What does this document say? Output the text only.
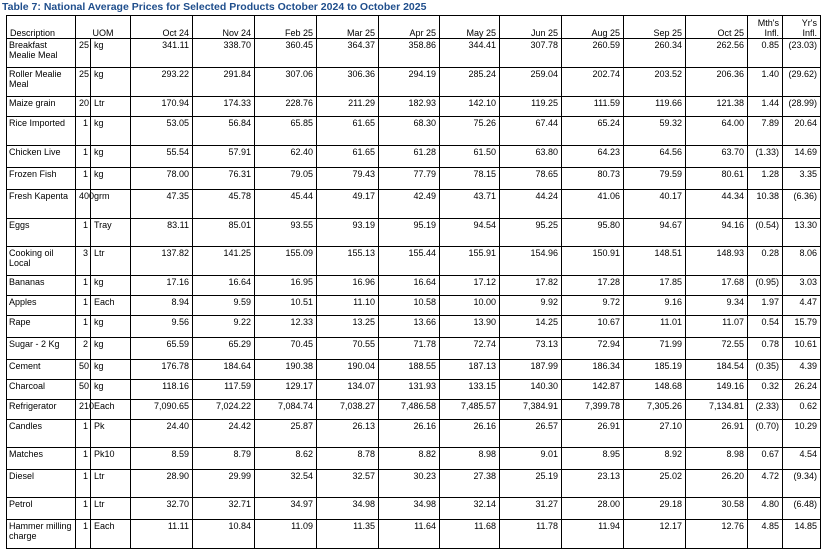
Table 7: National Average Prices for Selected Products October 2024 to October 2025
Description	UOM		Oct 24	Nov 24	Feb 25	Mar 25	Apr 25	May 25	Jun 25	Aug 25	Sep 25	Oct 25	Mth's Infl.	Yr's Infl.
Breakfast Mealie Meal	25	kg	341.11	338.70	360.45	364.37	358.86	344.41	307.78	260.59	260.34	262.56	0.85	(23.03)
Roller Mealie Meal	25	kg	293.22	291.84	307.06	306.36	294.19	285.24	259.04	202.74	203.52	206.36	1.40	(29.62)
Maize grain	20	Ltr	170.94	174.33	228.76	211.29	182.93	142.10	119.25	111.59	119.66	121.38	1.44	(28.99)
Rice Imported	1	kg	53.05	56.84	65.85	61.65	68.30	75.26	67.44	65.24	59.32	64.00	7.89	20.64
Chicken Live	1	kg	55.54	57.91	62.40	61.65	61.28	61.50	63.80	64.23	64.56	63.70	(1.33)	14.69
Frozen Fish	1	kg	78.00	76.31	79.05	79.43	77.79	78.15	78.65	80.73	79.59	80.61	1.28	3.35
Fresh Kapenta	400	grm	47.35	45.78	45.44	49.17	42.49	43.71	44.24	41.06	40.17	44.34	10.38	(6.36)
Eggs	1	Tray	83.11	85.01	93.55	93.19	95.19	94.54	95.25	95.80	94.67	94.16	(0.54)	13.30
Cooking oil Local	3	Ltr	137.82	141.25	155.09	155.13	155.44	155.91	154.96	150.91	148.51	148.93	0.28	8.06
Bananas	1	kg	17.16	16.64	16.95	16.96	16.64	17.12	17.82	17.28	17.85	17.68	(0.95)	3.03
Apples	1	Each	8.94	9.59	10.51	11.10	10.58	10.00	9.92	9.72	9.16	9.34	1.97	4.47
Rape	1	kg	9.56	9.22	12.33	13.25	13.66	13.90	14.25	10.67	11.01	11.07	0.54	15.79
Sugar - 2 Kg	2	kg	65.59	65.29	70.45	70.55	71.78	72.74	73.13	72.94	71.99	72.55	0.78	10.61
Cement	50	kg	176.78	184.64	190.38	190.04	188.55	187.13	187.99	186.34	185.19	184.54	(0.35)	4.39
Charcoal	50	kg	118.16	117.59	129.17	134.07	131.93	133.15	140.30	142.87	148.68	149.16	0.32	26.24
Refrigerator	210	Each	7,090.65	7,024.22	7,084.74	7,038.27	7,486.58	7,485.57	7,384.91	7,399.78	7,305.26	7,134.81	(2.33)	0.62
Candles	1	Pk	24.40	24.42	25.87	26.13	26.16	26.16	26.57	26.91	27.10	26.91	(0.70)	10.29
Matches	1	Pk10	8.59	8.79	8.62	8.78	8.82	8.98	9.01	8.95	8.92	8.98	0.67	4.54
Diesel	1	Ltr	28.90	29.99	32.54	32.57	30.23	27.38	25.19	23.13	25.02	26.20	4.72	(9.34)
Petrol	1	Ltr	32.70	32.71	34.97	34.98	34.98	32.14	31.27	28.00	29.18	30.58	4.80	(6.48)
Hammer milling charge	1	Each	11.11	10.84	11.09	11.35	11.64	11.68	11.78	11.94	12.17	12.76	4.85	14.85
